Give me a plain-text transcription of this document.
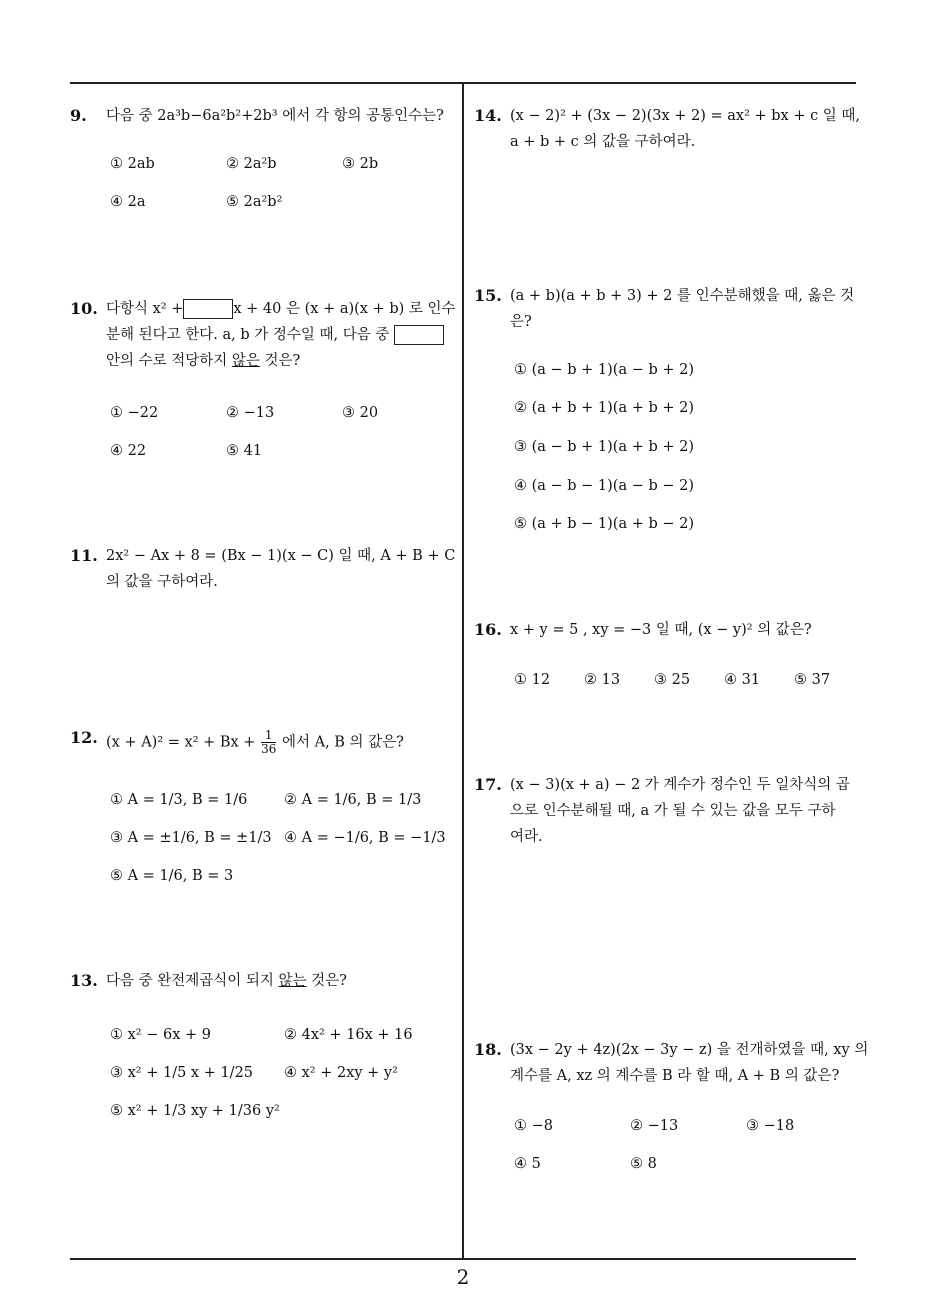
9. 다음 중 2a³b−6a²b²+2b³ 에서 각 항의 공통인수는?
① 2ab	② 2a²b	③ 2b
④ 2a	⑤ 2a²b²
10. 다항식 x² +	x + 40 은 (x + a)(x + b) 로 인수
분해 된다고 한다. a, b 가 정수일 때, 다음 중
안의 수로 적당하지 않은 것은?
① −22	② −13	③ 20
④ 22	⑤ 41
11. 2x² − Ax + 8 = (Bx − 1)(x − C) 일 때, A + B + C
의 값을 구하여라.
12. $(x + A)^2 = x^2 + Bx + \frac{1}{36}$ 에서 A, B 의 값은?
① A = 1/3, B = 1/6	② A = 1/6, B = 1/3
③ A = ±1/6, B = ±1/3 ④ A = −1/6, B = −1/3
⑤ A = 1/6, B = 3
13. 다음 중 완전제곱식이 되지 않는 것은?
① x² − 6x + 9	② 4x² + 16x + 16
③ x² + 1/5 x + 1/25 ④ x² + 2xy + y²
⑤ x² + 1/3 xy + 1/36 y²
14. (x − 2)² + (3x − 2)(3x + 2) = ax² + bx + c 일 때,
a + b + c 의 값을 구하여라.
15. (a + b)(a + b + 3) + 2 를 인수분해했을 때, 옳은 것
은?
① (a − b + 1)(a − b + 2)
② (a + b + 1)(a + b + 2)
③ (a − b + 1)(a + b + 2)
④ (a − b − 1)(a − b − 2)
⑤ (a + b − 1)(a + b − 2)
16. x + y = 5 , xy = −3 일 때, (x − y)² 의 값은?
① 12 ② 13 ③ 25 ④ 31 ⑤ 37
17. (x − 3)(x + a) − 2 가 계수가 정수인 두 일차식의 곱
으로 인수분해될 때, a 가 될 수 있는 값을 모두 구하
여라.
18. (3x − 2y + 4z)(2x − 3y − z) 을 전개하였을 때, xy 의
계수를 A, xz 의 계수를 B 라 할 때, A + B 의 값은?
① −8	② −13	③ −18
④ 5	⑤ 8
2
